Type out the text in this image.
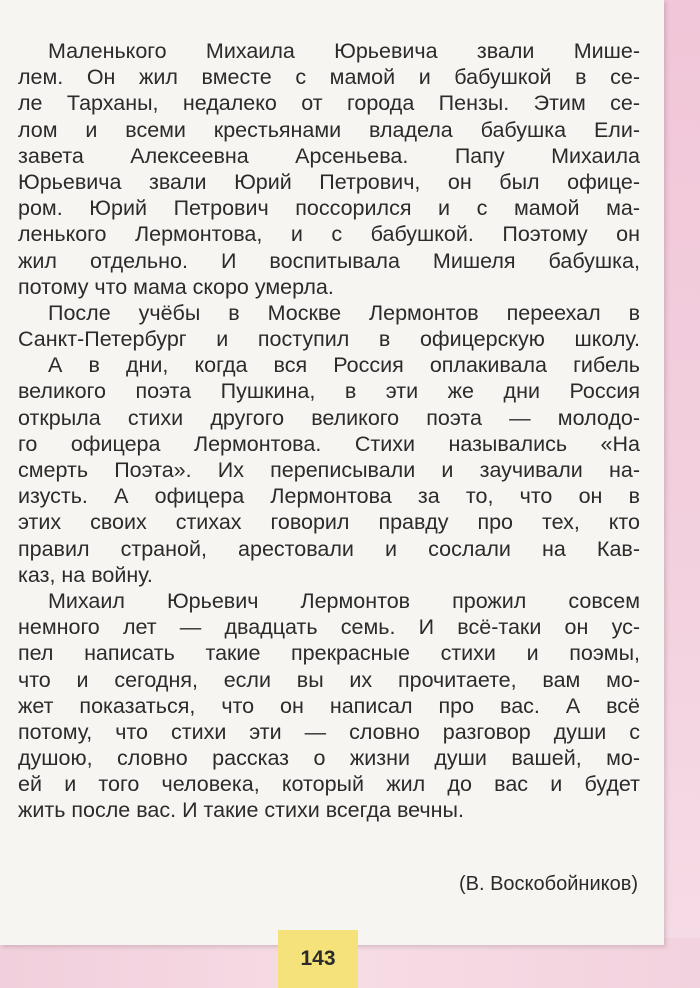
Маленького Михаила Юрьевича звали Мише-
лем. Он жил вместе с мамой и бабушкой в се-
ле Тарханы, недалеко от города Пензы. Этим се-
лом и всеми крестьянами владела бабушка Ели-
завета Алексеевна Арсеньева. Папу Михаила
Юрьевича звали Юрий Петрович, он был офице-
ром. Юрий Петрович поссорился и с мамой ма-
ленького Лермонтова, и с бабушкой. Поэтому он
жил отдельно. И воспитывала Мишеля бабушка,
потому что мама скоро умерла.
После учёбы в Москве Лермонтов переехал в
Санкт-Петербург и поступил в офицерскую школу.
А в дни, когда вся Россия оплакивала гибель
великого поэта Пушкина, в эти же дни Россия
открыла стихи другого великого поэта — молодо-
го офицера Лермонтова. Стихи назывались «На
смерть Поэта». Их переписывали и заучивали на-
изусть. А офицера Лермонтова за то, что он в
этих своих стихах говорил правду про тех, кто
правил страной, арестовали и сослали на Кав-
каз, на войну.
Михаил Юрьевич Лермонтов прожил совсем
немного лет — двадцать семь. И всё-таки он ус-
пел написать такие прекрасные стихи и поэмы,
что и сегодня, если вы их прочитаете, вам мо-
жет показаться, что он написал про вас. А всё
потому, что стихи эти — словно разговор души с
душою, словно рассказ о жизни души вашей, мо-
ей и того человека, который жил до вас и будет
жить после вас. И такие стихи всегда вечны.
(В. Воскобойников)
143
